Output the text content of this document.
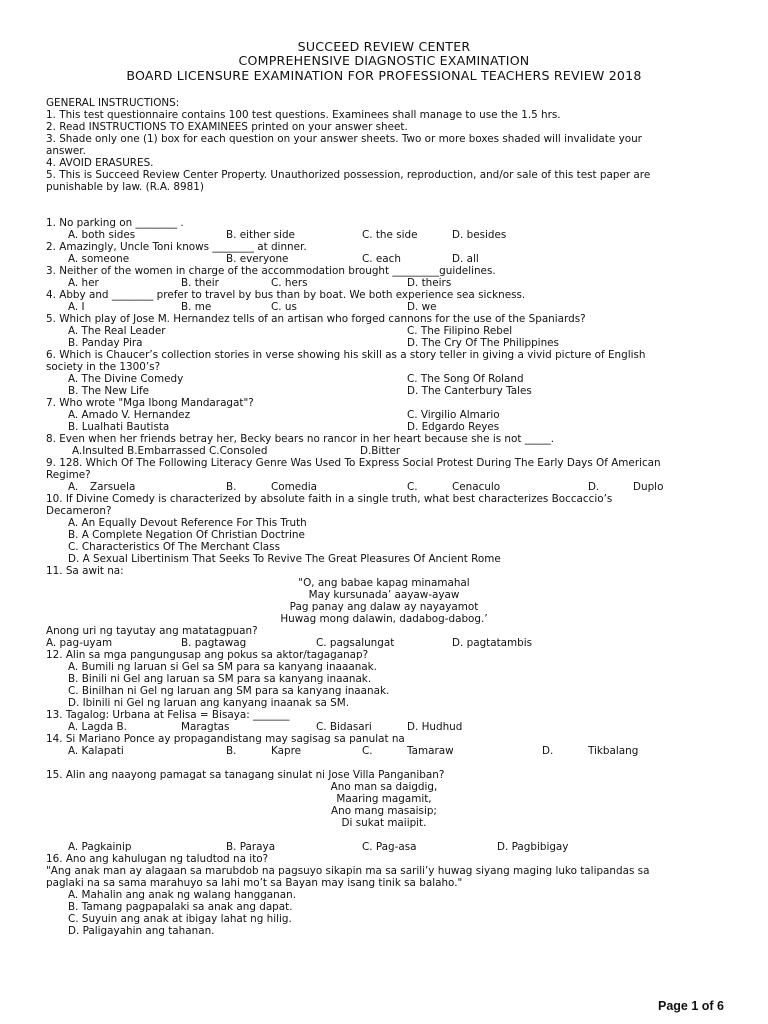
SUCCEED REVIEW CENTER
COMPREHENSIVE DIAGNOSTIC EXAMINATION
BOARD LICENSURE EXAMINATION FOR PROFESSIONAL TEACHERS REVIEW 2018
GENERAL INSTRUCTIONS:
1. This test questionnaire contains 100 test questions. Examinees shall manage to use the 1.5 hrs.
2. Read INSTRUCTIONS TO EXAMINEES printed on your answer sheet.
3. Shade only one (1) box for each question on your answer sheets. Two or more boxes shaded will invalidate your
answer.
4. AVOID ERASURES.
5. This is Succeed Review Center Property. Unauthorized possession, reproduction, and/or sale of this test paper are
punishable by law. (R.A. 8981)
1. No parking on ________ .
A. both sides	B. either side	C. the side	D. besides
2. Amazingly, Uncle Toni knows ________ at dinner.
A. someone	B. everyone	C. each	D. all
3. Neither of the women in charge of the accommodation brought _________guidelines.
A. her	B. their	C. hers	D. theirs
4. Abby and ________ prefer to travel by bus than by boat. We both experience sea sickness.
A. I	B. me	C. us	D. we
5. Which play of Jose M. Hernandez tells of an artisan who forged cannons for the use of the Spaniards?
A. The Real Leader	C. The Filipino Rebel
B. Panday Pira	D. The Cry Of The Philippines
6. Which is Chaucer’s collection stories in verse showing his skill as a story teller in giving a vivid picture of English
society in the 1300’s?
A. The Divine Comedy	C. The Song Of Roland
B. The New Life	D. The Canterbury Tales
7. Who wrote "Mga Ibong Mandaragat"?
A. Amado V. Hernandez	C. Virgilio Almario
B. Lualhati Bautista	D. Edgardo Reyes
8. Even when her friends betray her, Becky bears no rancor in her heart because she is not _____.
A.Insulted B.Embarrassed C.Consoled	D.Bitter
9. 128. Which Of The Following Literacy Genre Was Used To Express Social Protest During The Early Days Of American
Regime?
A. Zarsuela	B.	Comedia	C.	Cenaculo	D.	Duplo
10. If Divine Comedy is characterized by absolute faith in a single truth, what best characterizes Boccaccio’s
Decameron?
A. An Equally Devout Reference For This Truth
B. A Complete Negation Of Christian Doctrine
C. Characteristics Of The Merchant Class
D. A Sexual Libertinism That Seeks To Revive The Great Pleasures Of Ancient Rome
11. Sa awit na:
"O, ang babae kapag minamahal
May kursunada’ aayaw-ayaw
Pag panay ang dalaw ay nayayamot
Huwag mong dalawin, dadabog-dabog.’
Anong uri ng tayutay ang matatagpuan?
A. pag-uyam	B. pagtawag	C. pagsalungat	D. pagtatambis
12. Alin sa mga pangungusap ang pokus sa aktor/tagaganap?
A. Bumili ng laruan si Gel sa SM para sa kanyang inaaanak.
B. Binili ni Gel ang laruan sa SM para sa kanyang inaanak.
C. Binilhan ni Gel ng laruan ang SM para sa kanyang inaanak.
D. Ibinili ni Gel ng laruan ang kanyang inaanak sa SM.
13. Tagalog: Urbana at Felisa = Bisaya: _______
A. Lagda B.	Maragtas	C. Bidasari	D. Hudhud
14. Si Mariano Ponce ay propagandistang may sagisag sa panulat na
A. Kalapati	B.	Kapre	C.	Tamaraw	D.	Tikbalang
15. Alin ang naayong pamagat sa tanagang sinulat ni Jose Villa Panganiban?
Ano man sa daigdig,
Maaring magamit,
Ano mang masaisip;
Di sukat maiipit.
A. Pagkainip	B. Paraya	C. Pag-asa	D. Pagbibigay
16. Ano ang kahulugan ng taludtod na ito?
"Ang anak man ay alagaan sa marubdob na pagsuyo sikapin ma sa sarili’y huwag siyang maging luko talipandas sa
paglaki na sa sama marahuyo sa lahi mo’t sa Bayan may isang tinik sa balaho."
A. Mahalin ang anak ng walang hangganan.
B. Tamang pagpapalaki sa anak ang dapat.
C. Suyuin ang anak at ibigay lahat ng hilig.
D. Paligayahin ang tahanan.
Page 1 of 6
